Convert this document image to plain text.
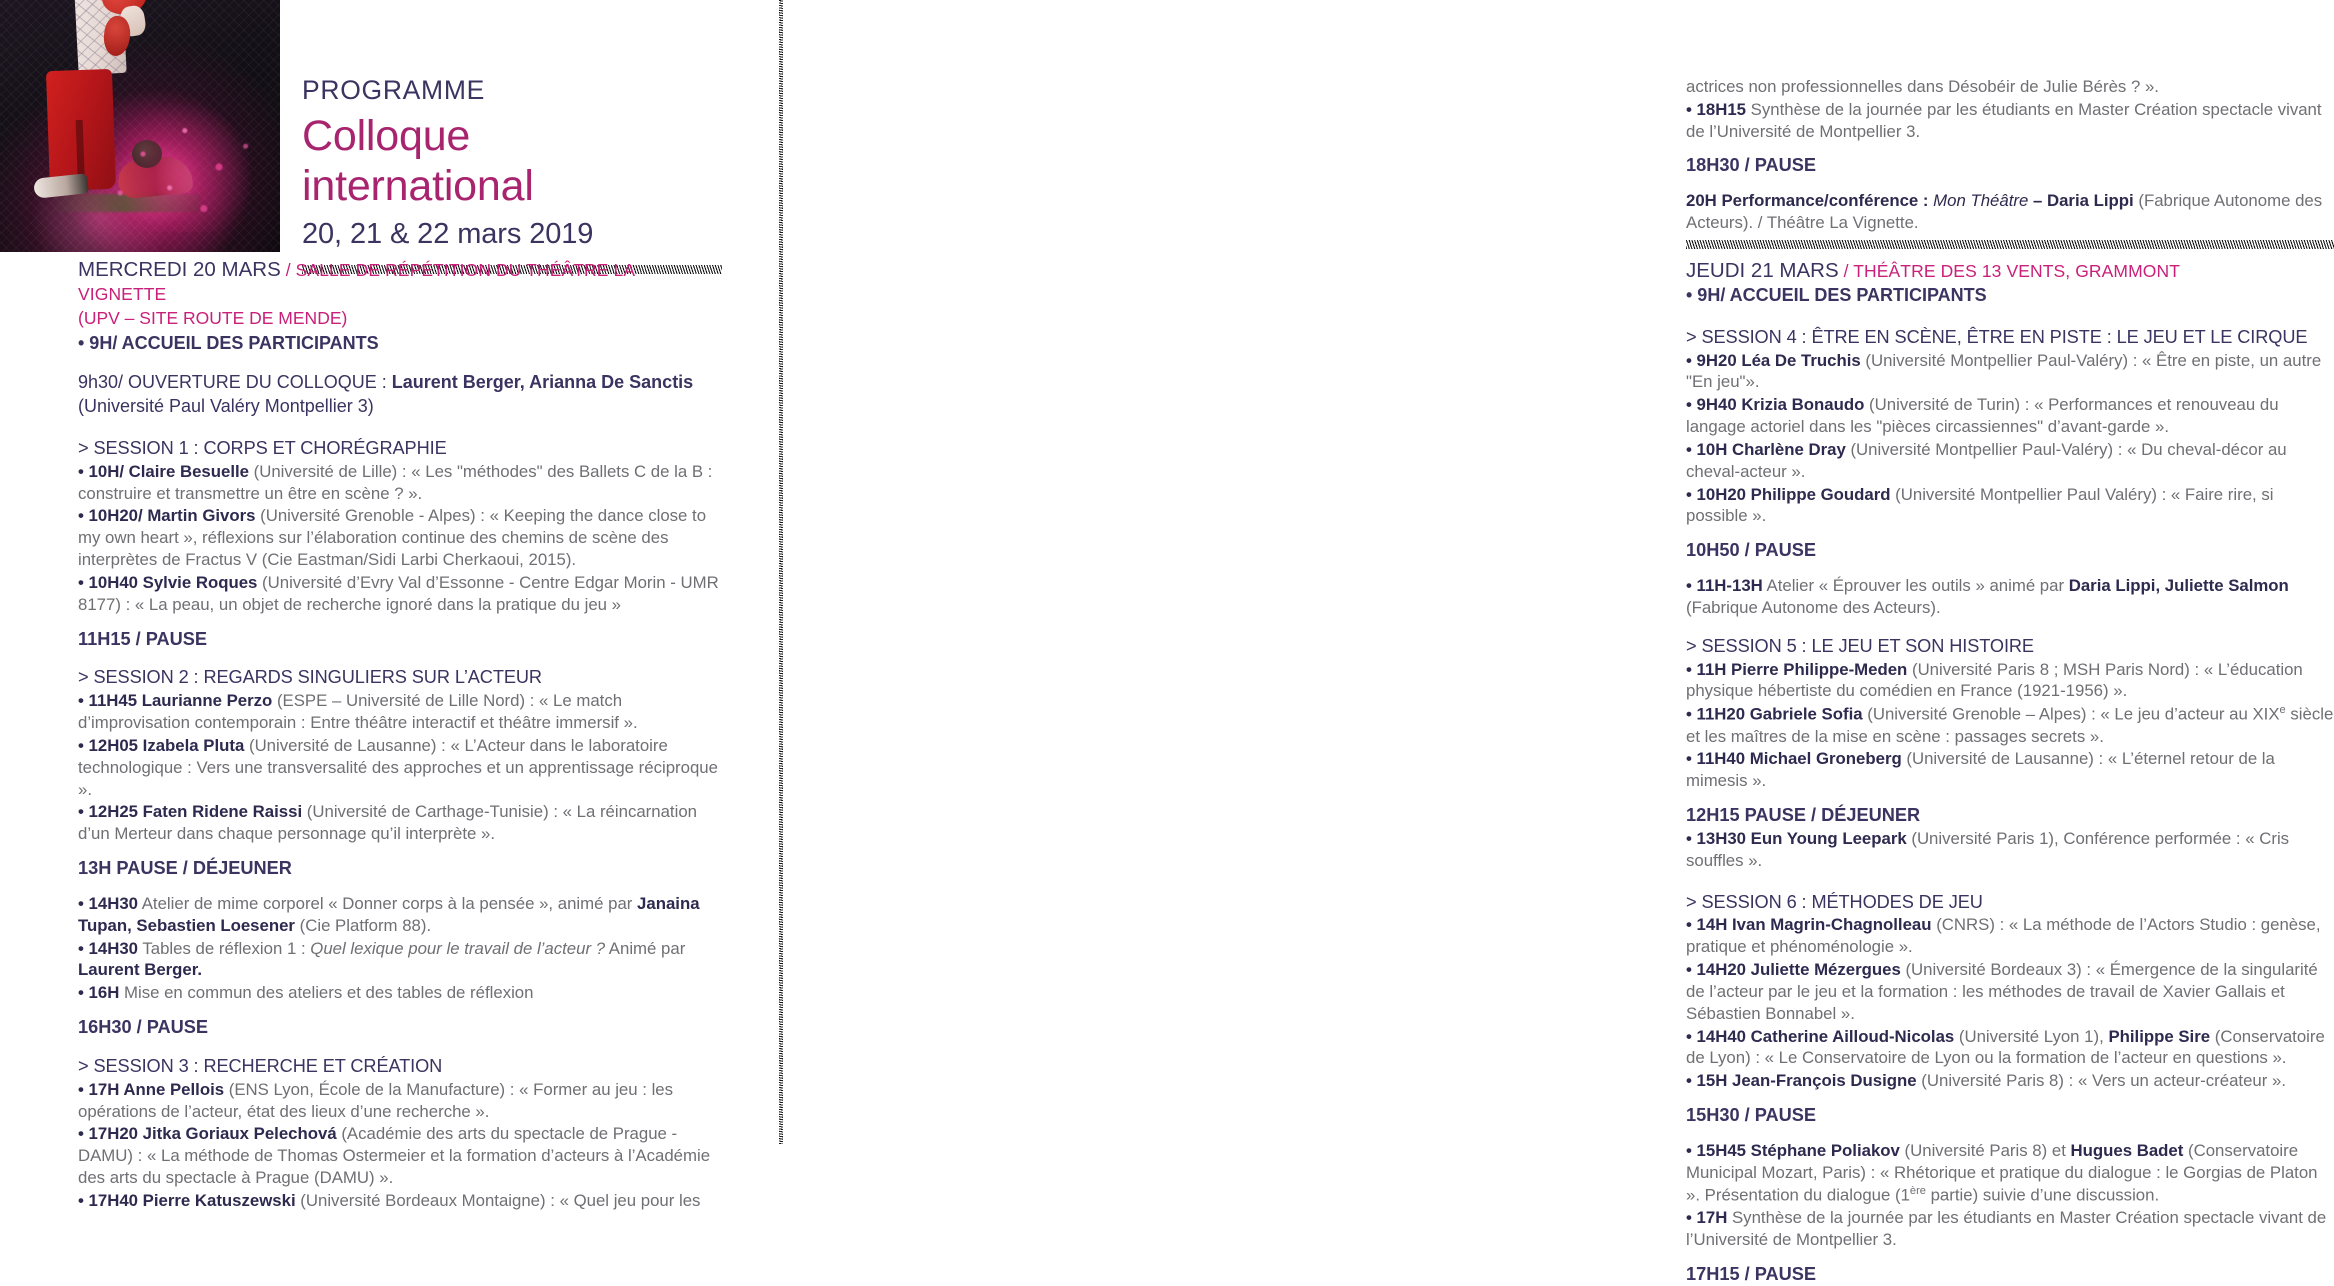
PROGRAMME
Colloque
international
20, 21 & 22 mars 2019

MERCREDI 20 MARS / SALLE DE RÉPÉTITION DU THÉÂTRE LA VIGNETTE
(UPV – SITE ROUTE DE MENDE)

• 9H/ ACCUEIL DES PARTICIPANTS

9h30/ OUVERTURE DU COLLOQUE : Laurent Berger, Arianna De Sanctis (Université Paul Valéry Montpellier 3)

> SESSION 1 : CORPS ET CHORÉGRAPHIE

• 10H/ Claire Besuelle (Université de Lille) : « Les "méthodes" des Ballets C de la B : construire et transmettre un être en scène ? ».

• 10H20/ Martin Givors (Université Grenoble - Alpes) : « Keeping the dance close to my own heart », réflexions sur l’élaboration continue des chemins de scène des interprètes de Fractus V (Cie Eastman/Sidi Larbi Cherkaoui, 2015).

• 10H40 Sylvie Roques (Université d’Evry Val d’Essonne - Centre Edgar Morin - UMR 8177) : « La peau, un objet de recherche ignoré dans la pratique du jeu »

11H15 / PAUSE

> SESSION 2 : REGARDS SINGULIERS SUR L’ACTEUR

• 11H45 Laurianne Perzo (ESPE – Université de Lille Nord) : « Le match d’improvisation contemporain : Entre théâtre interactif et théâtre immersif ».

• 12H05 Izabela Pluta (Université de Lausanne) : « L’Acteur dans le laboratoire technologique : Vers une transversalité des approches et un apprentissage réciproque ».

• 12H25 Faten Ridene Raissi (Université de Carthage-Tunisie) : « La réincarnation d’un Merteur dans chaque personnage qu’il interprète ».

13H PAUSE / DÉJEUNER

• 14H30 Atelier de mime corporel « Donner corps à la pensée », animé par Janaina Tupan, Sebastien Loesener (Cie Platform 88).

• 14H30 Tables de réflexion 1 : Quel lexique pour le travail de l’acteur ? Animé par Laurent Berger.

• 16H Mise en commun des ateliers et des tables de réflexion

16H30 / PAUSE

> SESSION 3 : RECHERCHE ET CRÉATION

• 17H Anne Pellois (ENS Lyon, École de la Manufacture) : « Former au jeu : les opérations de l’acteur, état des lieux d’une recherche ».

• 17H20 Jitka Goriaux Pelechová (Académie des arts du spectacle de Prague - DAMU) : « La méthode de Thomas Ostermeier et la formation d’acteurs à l’Académie des arts du spectacle à Prague (DAMU) ».

• 17H40 Pierre Katuszewski (Université Bordeaux Montaigne) : « Quel jeu pour les

actrices non professionnelles dans Désobéir de Julie Bérès ? ».

• 18H15 Synthèse de la journée par les étudiants en Master Création spectacle vivant de l’Université de Montpellier 3.

18H30 / PAUSE

20H Performance/conférence : Mon Théâtre – Daria Lippi (Fabrique Autonome des Acteurs). / Théâtre La Vignette.

JEUDI 21 MARS / THÉÂTRE DES 13 VENTS, GRAMMONT

• 9H/ ACCUEIL DES PARTICIPANTS

> SESSION 4 : ÊTRE EN SCÈNE, ÊTRE EN PISTE : LE JEU ET LE CIRQUE

• 9H20 Léa De Truchis (Université Montpellier Paul-Valéry) : « Être en piste, un autre "En jeu"».

• 9H40 Krizia Bonaudo (Université de Turin) : « Performances et renouveau du langage actoriel dans les "pièces circassiennes" d’avant-garde ».

• 10H Charlène Dray (Université Montpellier Paul-Valéry) : « Du cheval-décor au cheval-acteur ».

• 10H20 Philippe Goudard (Université Montpellier Paul Valéry) : « Faire rire, si possible ».

10H50 / PAUSE

• 11H-13H Atelier « Éprouver les outils » animé par Daria Lippi, Juliette Salmon (Fabrique Autonome des Acteurs).

> SESSION 5 : LE JEU ET SON HISTOIRE

• 11H Pierre Philippe-Meden (Université Paris 8 ; MSH Paris Nord) : « L’éducation physique hébertiste du comédien en France (1921-1956) ».

• 11H20 Gabriele Sofia (Université Grenoble – Alpes) : « Le jeu d’acteur au XIXe siècle et les maîtres de la mise en scène : passages secrets ».

• 11H40 Michael Groneberg (Université de Lausanne) : « L’éternel retour de la mimesis ».

12H15 PAUSE / DÉJEUNER

• 13H30 Eun Young Leepark (Université Paris 1), Conférence performée : « Cris souffles ».

> SESSION 6 : MÉTHODES DE JEU

• 14H Ivan Magrin-Chagnolleau (CNRS) : « La méthode de l’Actors Studio : genèse, pratique et phénoménologie ».

• 14H20 Juliette Mézergues (Université Bordeaux 3) : « Émergence de la singularité de l’acteur par le jeu et la formation : les méthodes de travail de Xavier Gallais et Sébastien Bonnabel ».

• 14H40 Catherine Ailloud-Nicolas (Université Lyon 1), Philippe Sire (Conservatoire de Lyon) : « Le Conservatoire de Lyon ou la formation de l’acteur en questions ».

• 15H Jean-François Dusigne (Université Paris 8) : « Vers un acteur-créateur ».

15H30 / PAUSE

• 15H45 Stéphane Poliakov (Université Paris 8) et Hugues Badet (Conservatoire Municipal Mozart, Paris) : « Rhétorique et pratique du dialogue : le Gorgias de Platon ». Présentation du dialogue (1ère partie) suivie d’une discussion.

• 17H Synthèse de la journée par les étudiants en Master Création spectacle vivant de l’Université de Montpellier 3.

17H15 / PAUSE
